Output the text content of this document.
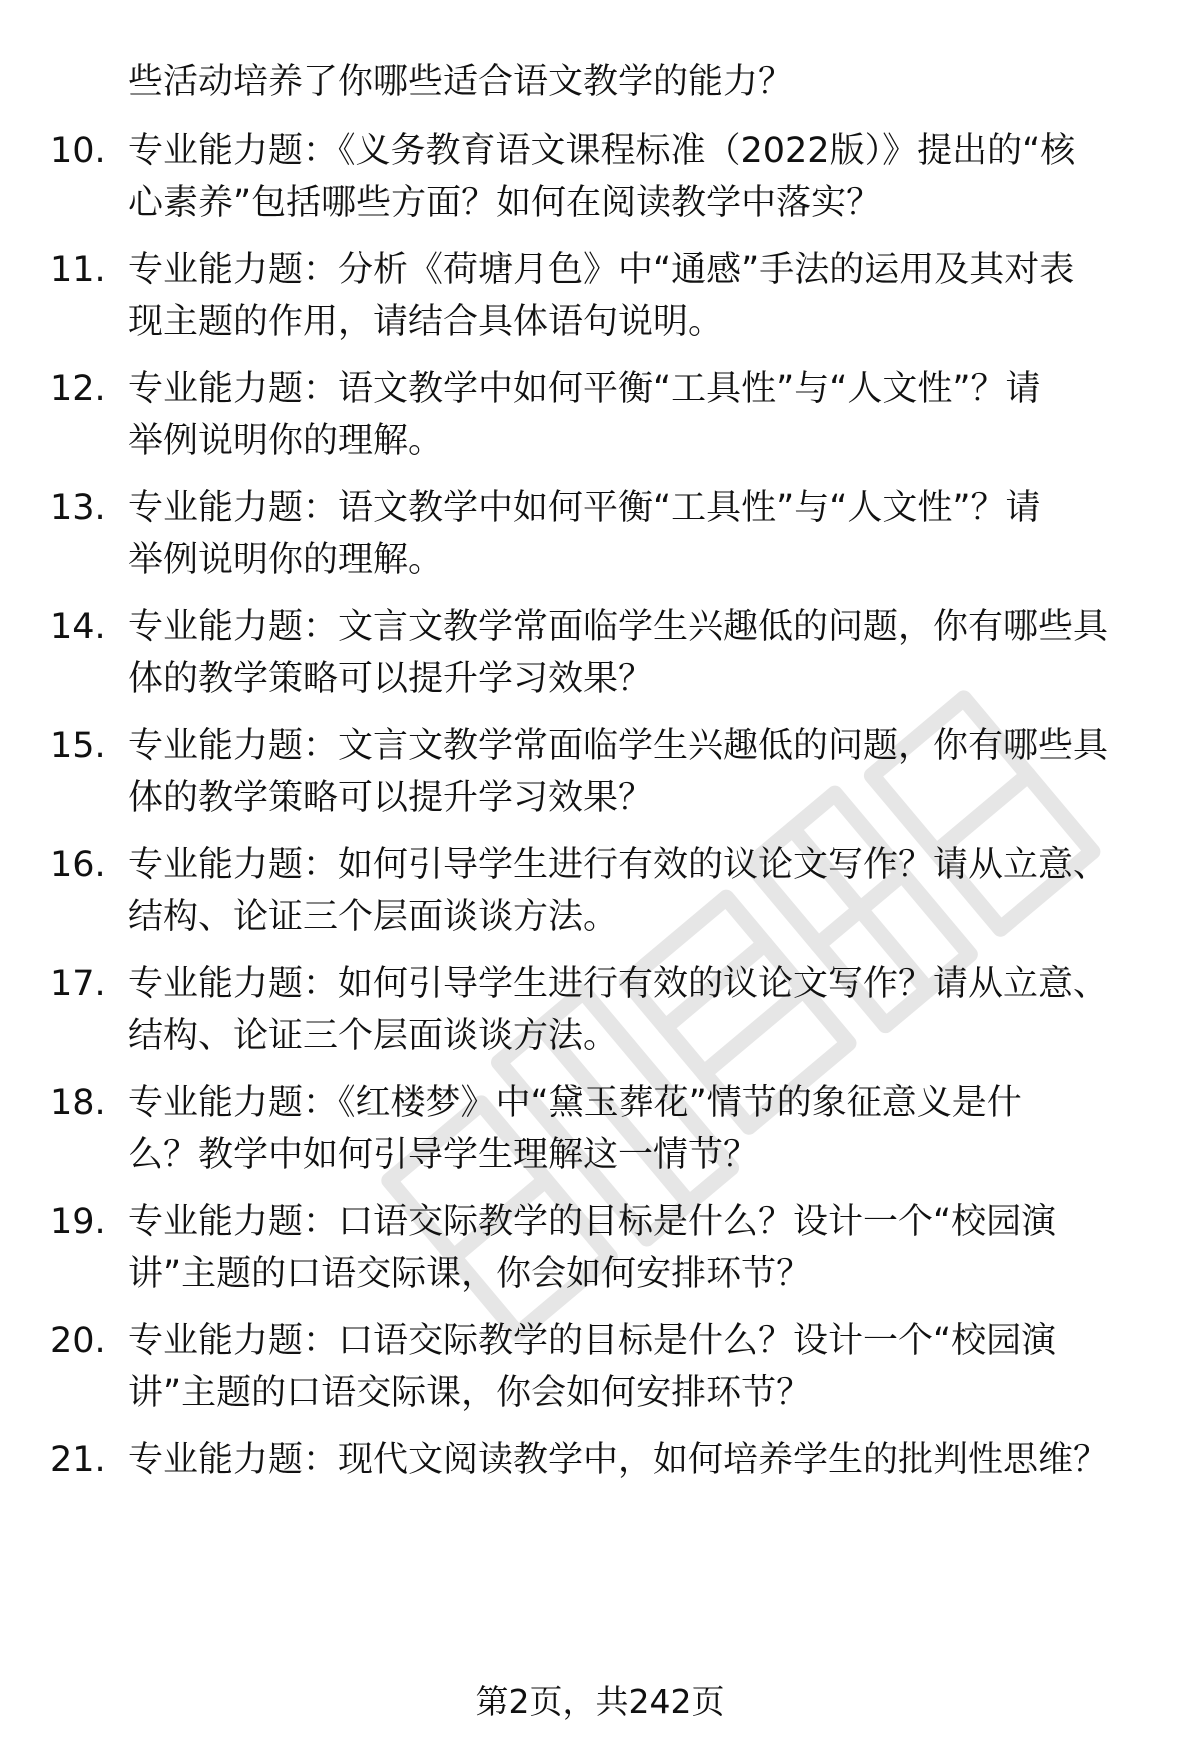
些活动培养了你哪些适合语文教学的能力？
10. 专业能力题：《义务教育语文课程标准（2022版）》提出的“核
心素养”包括哪些方面？如何在阅读教学中落实？
11. 专业能力题：分析《荷塘月色》中“通感”手法的运用及其对表
现主题的作用，请结合具体语句说明。
12. 专业能力题：语文教学中如何平衡“工具性”与“人文性”？请
举例说明你的理解。
13. 专业能力题：语文教学中如何平衡“工具性”与“人文性”？请
举例说明你的理解。
14. 专业能力题：文言文教学常面临学生兴趣低的问题，你有哪些具
体的教学策略可以提升学习效果？
15. 专业能力题：文言文教学常面临学生兴趣低的问题，你有哪些具
体的教学策略可以提升学习效果？
16. 专业能力题：如何引导学生进行有效的议论文写作？请从立意、
结构、论证三个层面谈谈方法。
17. 专业能力题：如何引导学生进行有效的议论文写作？请从立意、
结构、论证三个层面谈谈方法。
18. 专业能力题：《红楼梦》中“黛玉葬花”情节的象征意义是什
么？教学中如何引导学生理解这一情节？
19. 专业能力题：口语交际教学的目标是什么？设计一个“校园演
讲”主题的口语交际课，你会如何安排环节？
20. 专业能力题：口语交际教学的目标是什么？设计一个“校园演
讲”主题的口语交际课，你会如何安排环节？
21. 专业能力题：现代文阅读教学中，如何培养学生的批判性思维？
第2页，共242页
